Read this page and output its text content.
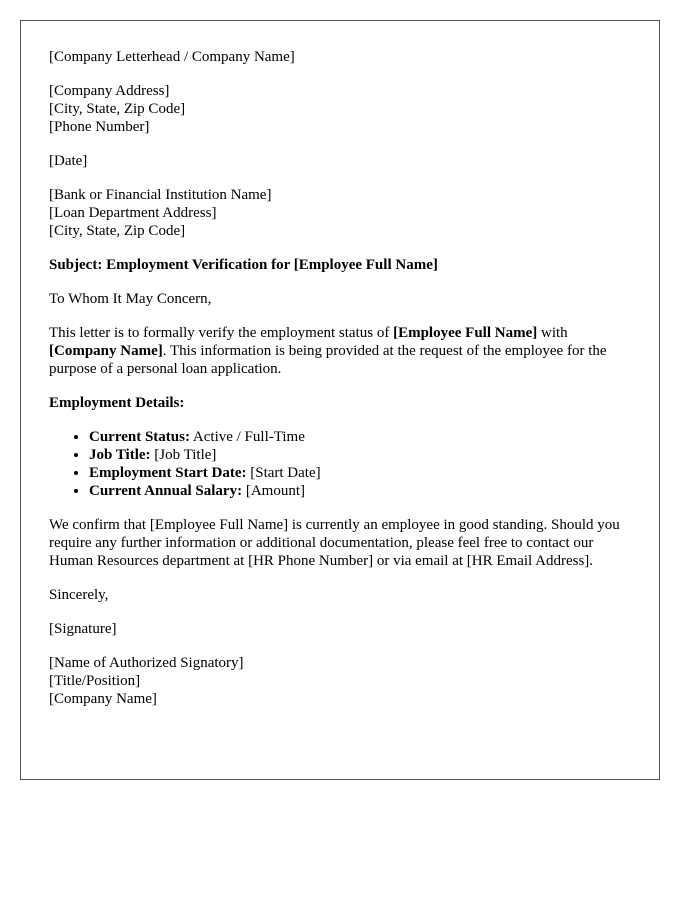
[Company Letterhead / Company Name]

[Company Address]
[City, State, Zip Code]
[Phone Number]

[Date]

[Bank or Financial Institution Name]
[Loan Department Address]
[City, State, Zip Code]

Subject: Employment Verification for [Employee Full Name]

To Whom It May Concern,

This letter is to formally verify the employment status of [Employee Full Name] with [Company Name]. This information is being provided at the request of the employee for the purpose of a personal loan application.

Employment Details:

• Current Status: Active / Full-Time
• Job Title: [Job Title]
• Employment Start Date: [Start Date]
• Current Annual Salary: [Amount]

We confirm that [Employee Full Name] is currently an employee in good standing. Should you require any further information or additional documentation, please feel free to contact our Human Resources department at [HR Phone Number] or via email at [HR Email Address].

Sincerely,

[Signature]

[Name of Authorized Signatory]
[Title/Position]
[Company Name]
